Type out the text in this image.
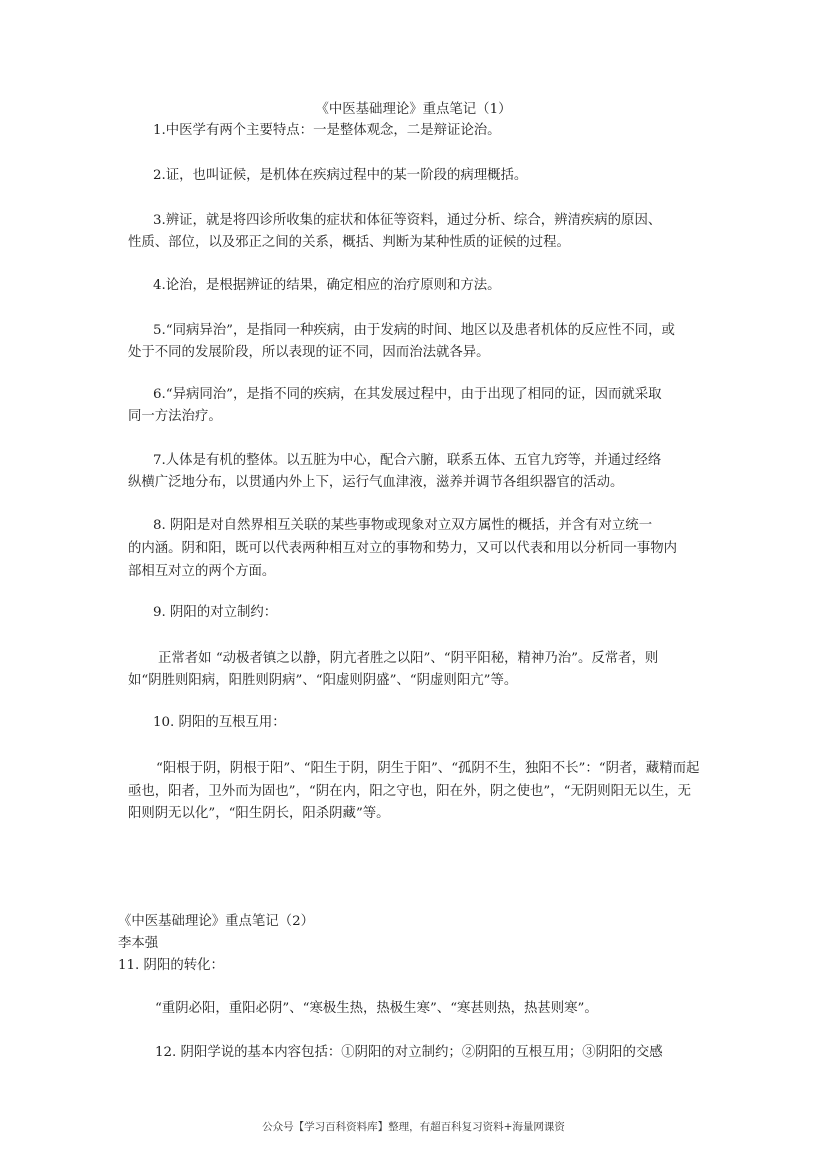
《中医基础理论》重点笔记（1）
1.中医学有两个主要特点：一是整体观念，二是辩证论治。
2.证，也叫证候，是机体在疾病过程中的某一阶段的病理概括。
3.辨证，就是将四诊所收集的症状和体征等资料，通过分析、综合，辨清疾病的原因、
性质、部位，以及邪正之间的关系，概括、判断为某种性质的证候的过程。
4.论治，是根据辨证的结果，确定相应的治疗原则和方法。
5.“同病异治”，是指同一种疾病，由于发病的时间、地区以及患者机体的反应性不同，或
处于不同的发展阶段，所以表现的证不同，因而治法就各异。
6.“异病同治”，是指不同的疾病，在其发展过程中，由于出现了相同的证，因而就采取
同一方法治疗。
7.人体是有机的整体。以五脏为中心，配合六腑，联系五体、五官九窍等，并通过经络
纵横广泛地分布，以贯通内外上下，运行气血津液，滋养并调节各组织器官的活动。
8. 阴阳是对自然界相互关联的某些事物或现象对立双方属性的概括，并含有对立统一
的内涵。阴和阳，既可以代表两种相互对立的事物和势力，又可以代表和用以分析同一事物内
部相互对立的两个方面。
9. 阴阳的对立制约：
正常者如 “动极者镇之以静，阴亢者胜之以阳”、“阴平阳秘，精神乃治”。反常者，则
如“阴胜则阳病，阳胜则阴病”、“阳虚则阴盛”、“阴虚则阳亢”等。
10. 阴阳的互根互用：
“阳根于阴，阴根于阳”、“阳生于阴，阴生于阳”、“孤阴不生，独阳不长”：“阴者，藏精而起
亟也，阳者，卫外而为固也”，“阴在内，阳之守也，阳在外，阴之使也”，“无阴则阳无以生，无
阳则阴无以化”，“阳生阴长，阳杀阴藏”等。
《中医基础理论》重点笔记（2）
李本强
11. 阴阳的转化：
“重阴必阳，重阳必阴”、“寒极生热，热极生寒”、“寒甚则热，热甚则寒”。
12. 阴阳学说的基本内容包括：①阴阳的对立制约；②阴阳的互根互用；③阴阳的交感
公众号【学习百科资料库】整理，有超百科复习资料+海量网课资
